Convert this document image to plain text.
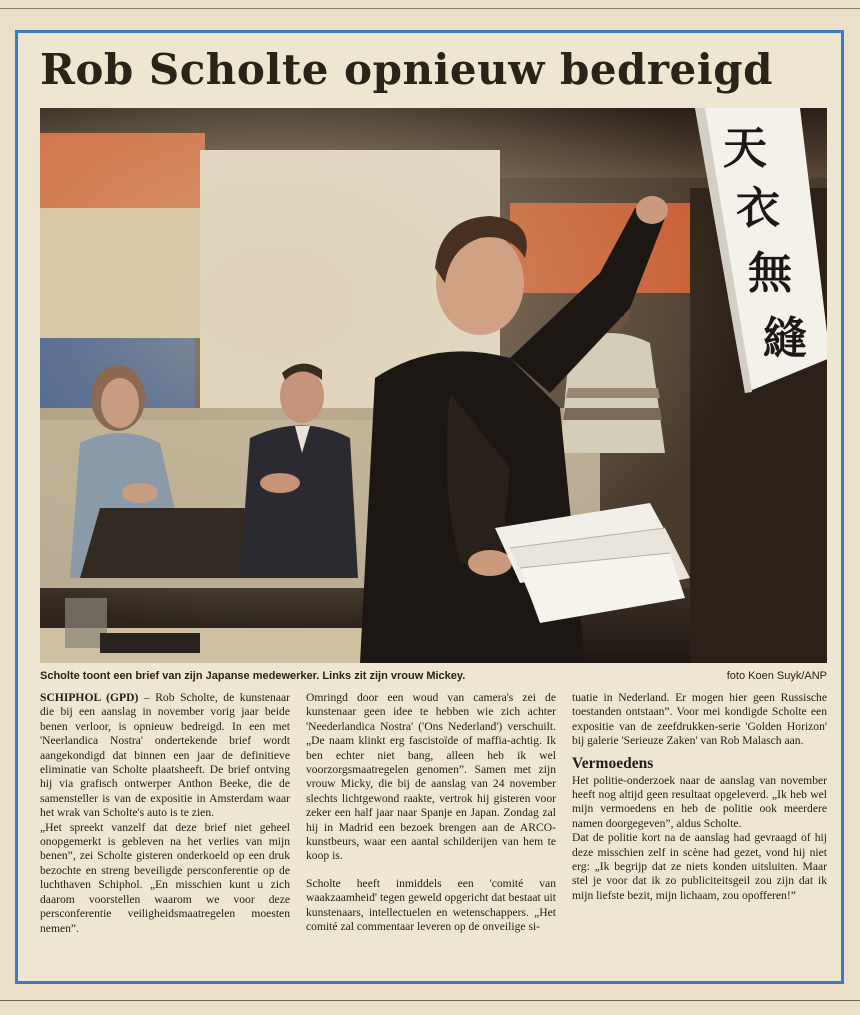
Rob Scholte opnieuw bedreigd
天
衣
無
縫
Scholte toont een brief van zijn Japanse medewerker. Links zit zijn vrouw Mickey.	foto Koen Suyk/ANP

SCHIPHOL (GPD) – Rob Scholte, de kunstenaar die bij een aanslag in november vorig jaar beide benen verloor, is opnieuw bedreigd. In een met 'Neerlandica Nostra' ondertekende brief wordt aangekondigd dat binnen een jaar de definitieve eliminatie van Scholte plaatsheeft. De brief ontving hij via grafisch ontwerper Anthon Beeke, die de samensteller is van de expositie in Amsterdam waar het wrak van Scholte's auto is te zien.

„Het spreekt vanzelf dat deze brief niet geheel onopgemerkt is gebleven na het verlies van mijn benen”, zei Scholte gisteren onderkoeld op een druk bezochte en streng beveiligde persconferentie op de luchthaven Schiphol. „En misschien kunt u zich daarom voorstellen waarom we voor deze persconferentie veiligheidsmaatregelen moesten nemen”.

Omringd door een woud van camera's zei de kunstenaar geen idee te hebben wie zich achter 'Neederlandica Nostra' ('Ons Nederland') verschuilt. „De naam klinkt erg fascistoïde of maffia-achtig. Ik ben echter niet bang, alleen heb ik wel voorzorgsmaatregelen genomen”. Samen met zijn vrouw Micky, die bij de aanslag van 24 november slechts lichtgewond raakte, vertrok hij gisteren voor zeker een half jaar naar Spanje en Japan. Zondag zal hij in Madrid een bezoek brengen aan de ARCO-kunstbeurs, waar een aantal schilderijen van hem te koop is.

Scholte heeft inmiddels een 'comité van waakzaamheid' tegen geweld opgericht dat bestaat uit kunstenaars, intellectuelen en wetenschappers. „Het comité zal commentaar leveren op de onveilige si-

tuatie in Nederland. Er mogen hier geen Russische toestanden ontstaan”. Voor mei kondigde Scholte een expositie van de zeefdrukken-serie 'Golden Horizon' bij galerie 'Serieuze Zaken' van Rob Malasch aan.

Vermoedens

Het politie-onderzoek naar de aanslag van november heeft nog altijd geen resultaat opgeleverd. „Ik heb wel mijn vermoedens en heb de politie ook meerdere namen doorgegeven”, aldus Scholte.

Dat de politie kort na de aanslag had gevraagd of hij deze misschien zelf in scène had gezet, vond hij niet erg: „Ik begrijp dat ze niets konden uitsluiten. Maar stel je voor dat ik zo publiciteitsgeil zou zijn dat ik mijn liefste bezit, mijn lichaam, zou opofferen!”
